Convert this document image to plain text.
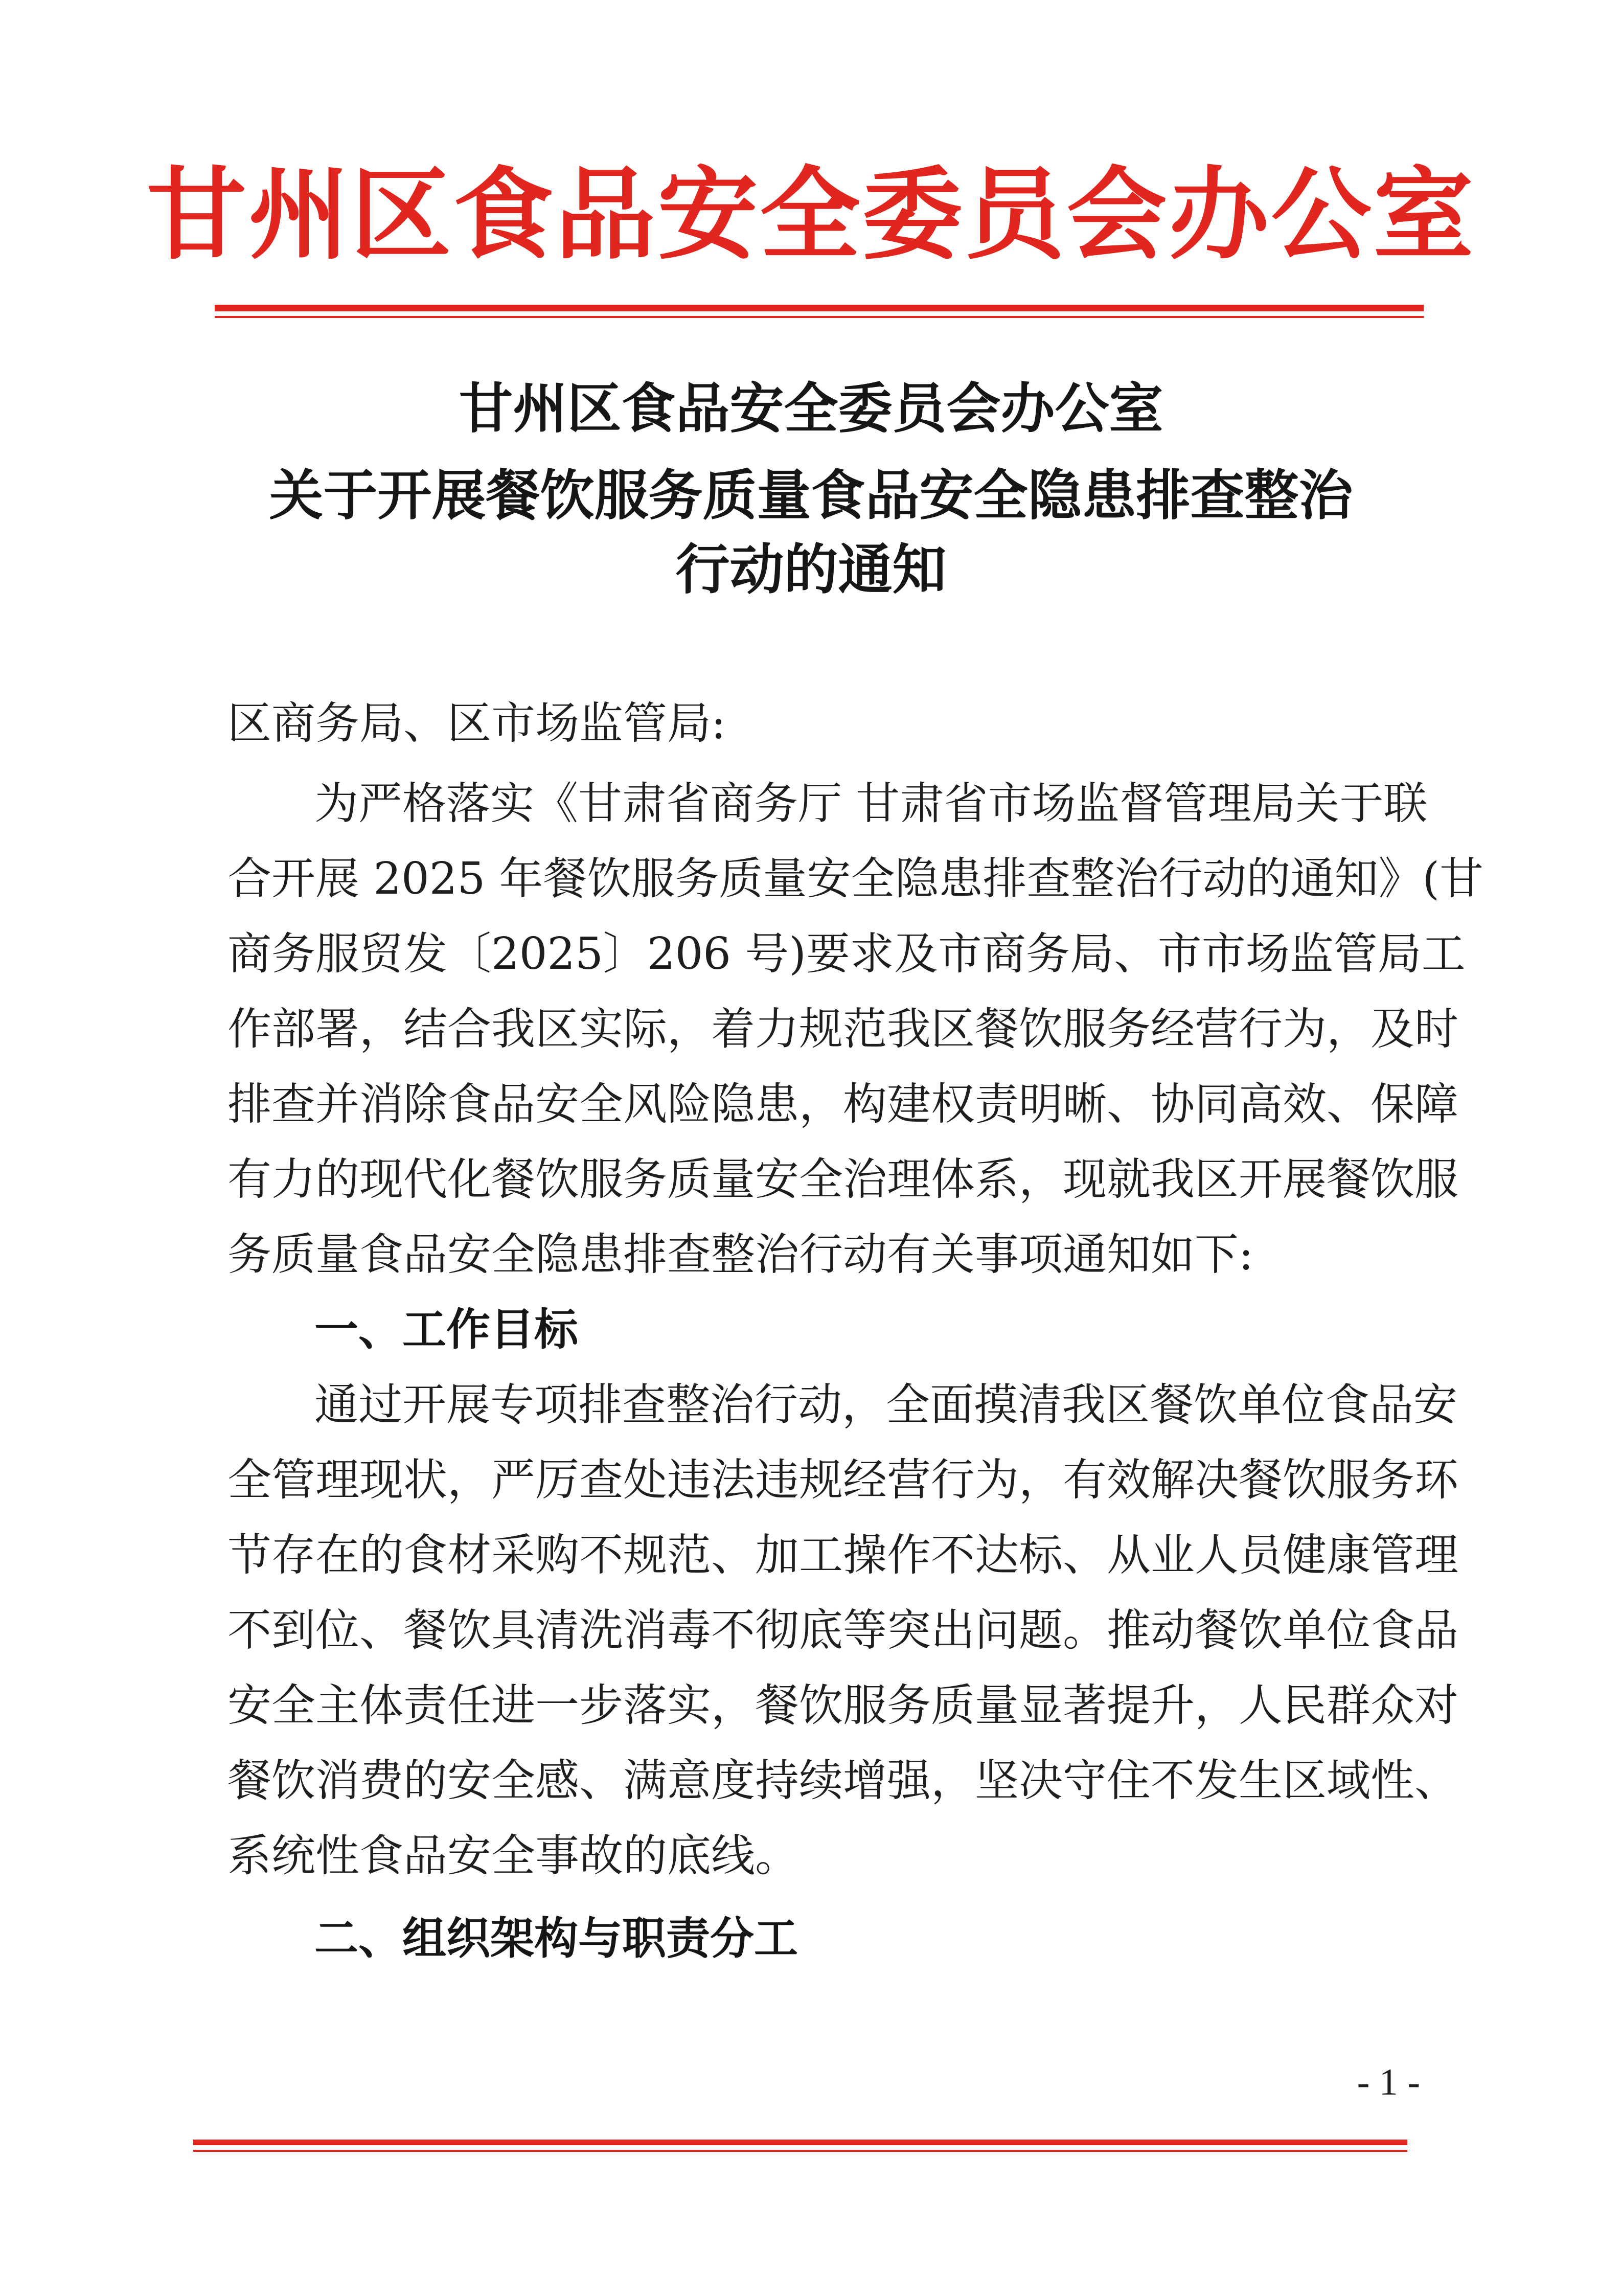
甘州区食品安全委员会办公室
甘州区食品安全委员会办公室
关于开展餐饮服务质量食品安全隐患排查整治
行动的通知
区商务局、区市场监管局:
为严格落实《甘肃省商务厅 甘肃省市场监督管理局关于联
合开展 2025 年餐饮服务质量安全隐患排查整治行动的通知》(甘
商务服贸发〔2025〕206 号)要求及市商务局、市市场监管局工
作部署，结合我区实际，着力规范我区餐饮服务经营行为，及时
排查并消除食品安全风险隐患，构建权责明晰、协同高效、保障
有力的现代化餐饮服务质量安全治理体系，现就我区开展餐饮服
务质量食品安全隐患排查整治行动有关事项通知如下:
一、工作目标
通过开展专项排查整治行动，全面摸清我区餐饮单位食品安
全管理现状，严厉查处违法违规经营行为，有效解决餐饮服务环
节存在的食材采购不规范、加工操作不达标、从业人员健康管理
不到位、餐饮具清洗消毒不彻底等突出问题。推动餐饮单位食品
安全主体责任进一步落实，餐饮服务质量显著提升，人民群众对
餐饮消费的安全感、满意度持续增强，坚决守住不发生区域性、
系统性食品安全事故的底线。
二、组织架构与职责分工
- 1 -
